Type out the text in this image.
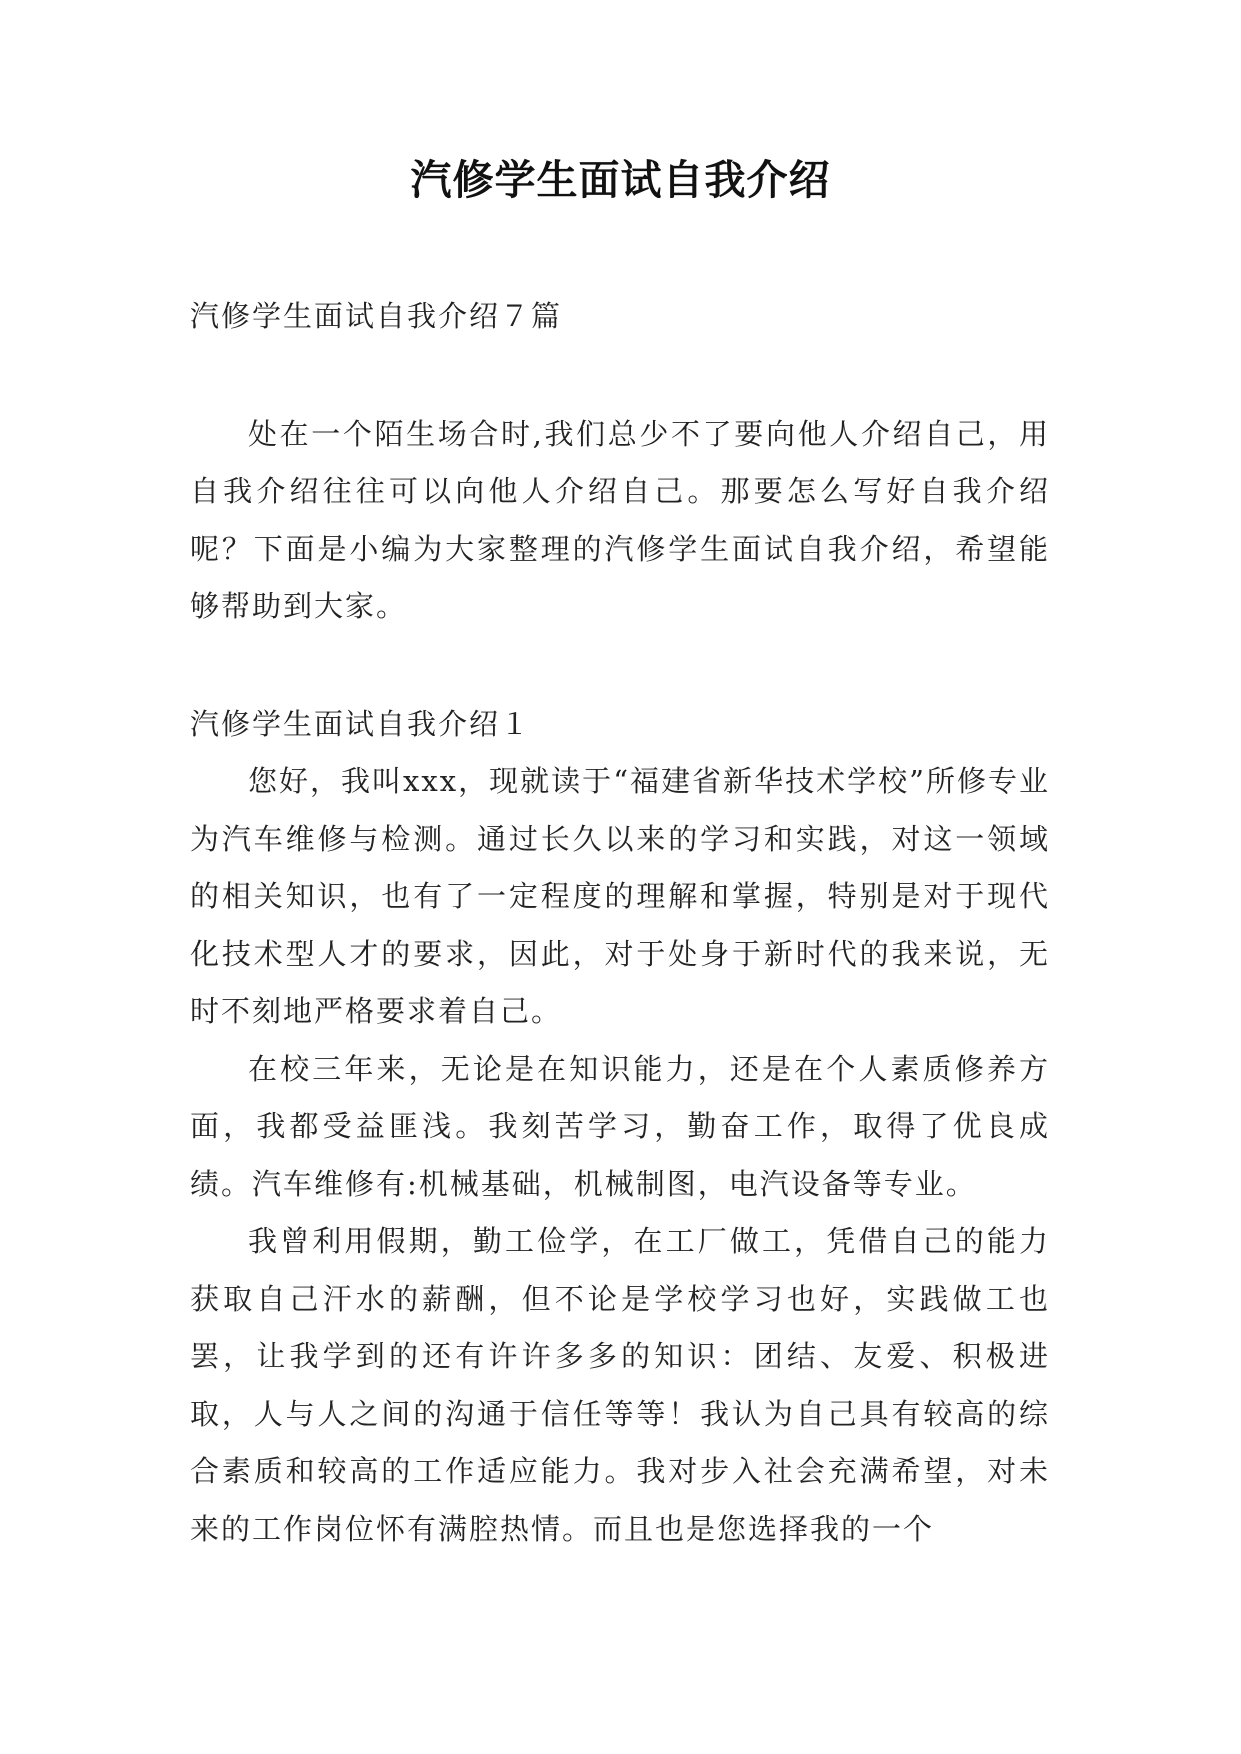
汽修学生面试自我介绍

汽修学生面试自我介绍７篇

处在一个陌生场合时,我们总少不了要向他人介绍自己，用自我介绍往往可以向他人介绍自己。那要怎么写好自我介绍呢？下面是小编为大家整理的汽修学生面试自我介绍，希望能够帮助到大家。

汽修学生面试自我介绍１

您好，我叫xxx，现就读于“福建省新华技术学校”所修专业为汽车维修与检测。通过长久以来的学习和实践，对这一领域的相关知识，也有了一定程度的理解和掌握，特别是对于现代化技术型人才的要求，因此，对于处身于新时代的我来说，无时不刻地严格要求着自己。

在校三年来，无论是在知识能力，还是在个人素质修养方面，我都受益匪浅。我刻苦学习，勤奋工作，取得了优良成绩。汽车维修有:机械基础，机械制图，电汽设备等专业。

我曾利用假期，勤工俭学，在工厂做工，凭借自己的能力获取自己汗水的薪酬，但不论是学校学习也好，实践做工也罢，让我学到的还有许许多多的知识：团结、友爱、积极进取，人与人之间的沟通于信任等等！我认为自己具有较高的综合素质和较高的工作适应能力。我对步入社会充满希望，对未来的工作岗位怀有满腔热情。而且也是您选择我的一个
